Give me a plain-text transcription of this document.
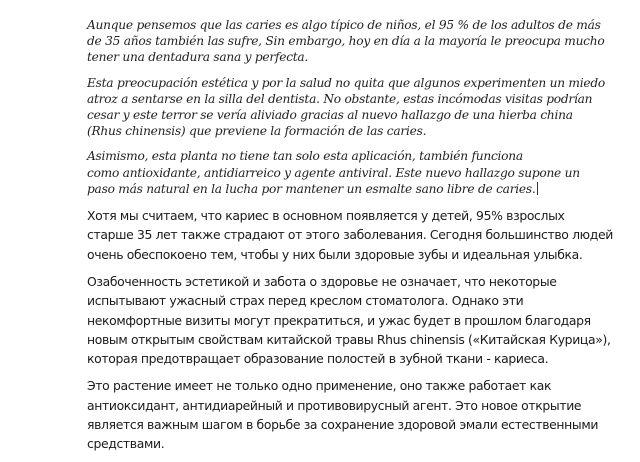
Aunque pensemos que las caries es algo típico de niños, el 95 % de los adultos de más
de 35 años también las sufre, Sin embargo, hoy en día a la mayoría le preocupa mucho
tener una dentadura sana y perfecta.

Esta preocupación estética y por la salud no quita que algunos experimenten un miedo
atroz a sentarse en la silla del dentista. No obstante, estas incómodas visitas podrían
cesar y este terror se vería aliviado gracias al nuevo hallazgo de una hierba china
(Rhus chinensis) que previene la formación de las caries.

Asimismo, esta planta no tiene tan solo esta aplicación, también funciona
como antioxidante, antidiarreico y agente antiviral. Este nuevo hallazgo supone un
paso más natural en la lucha por mantener un esmalte sano libre de caries.

Хотя мы считаем, что кариес в основном появляется у детей, 95% взрослых
старше 35 лет также страдают от этого заболевания. Сегодня большинство людей
очень обеспокоено тем, чтобы у них были здоровые зубы и идеальная улыбка.

Озабоченность эстетикой и забота о здоровье не означает, что некоторые
испытывают ужасный страх перед креслом стоматолога. Однако эти
некомфортные визиты могут прекратиться, и ужас будет в прошлом благодаря
новым открытым свойствам китайской травы Rhus chinensis («Китайская Курица»),
которая предотвращает образование полостей в зубной ткани - кариеса.

Это растение имеет не только одно применение, оно также работает как
антиоксидант, антидиарейный и противовирусный агент. Это новое открытие
является важным шагом в борьбе за сохранение здоровой эмали естественными
средствами.
